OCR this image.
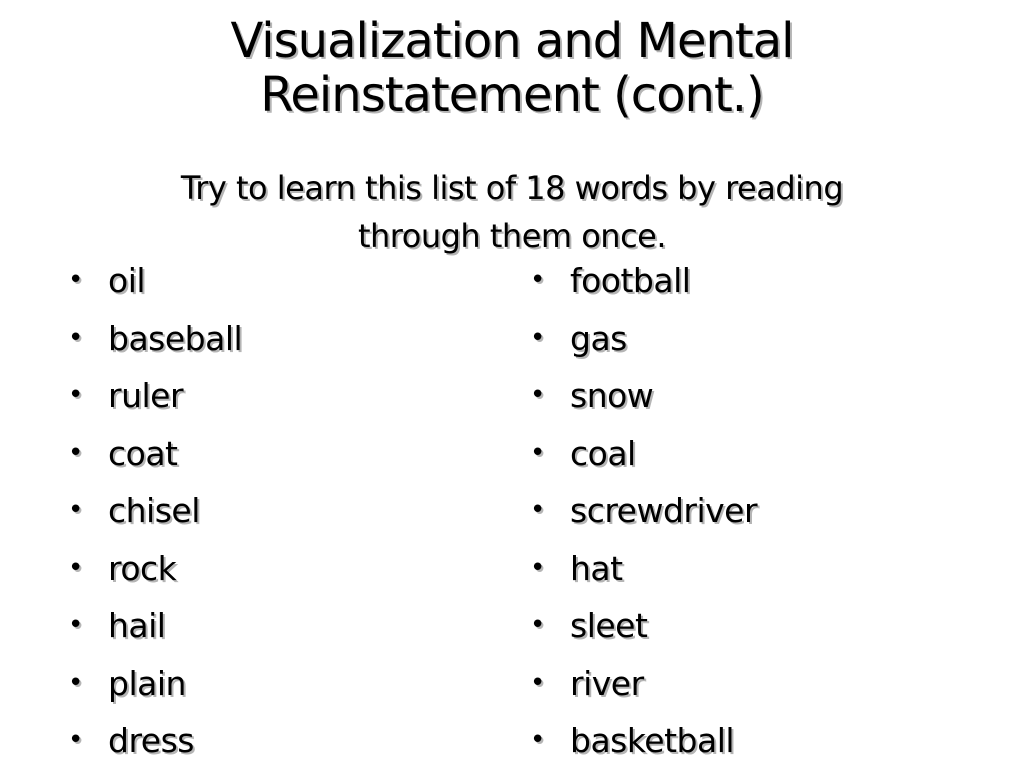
Visualization and Mental
Reinstatement (cont.)
Try to learn this list of 18 words by reading
through them once.
• oil
• baseball
• ruler
• coat
• chisel
• rock
• hail
• plain
• dress
• football
• gas
• snow
• coal
• screwdriver
• hat
• sleet
• river
• basketball
